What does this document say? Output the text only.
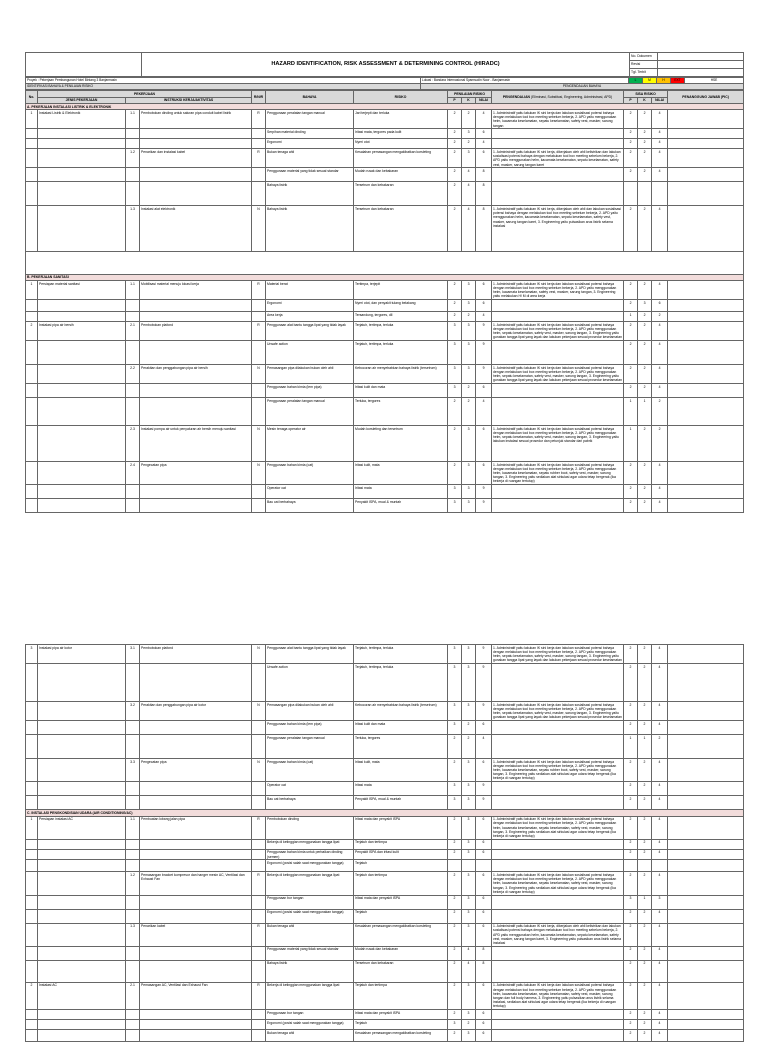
	HAZARD IDENTIFICATION, RISK ASSESSMENT & DETERMINING CONTROL (HIRADC)	No. Dokumen	
		Revisi	
		Tgl. Terbit	
Proyek : Pekerjaan Pembangunan Hotel Bintang 3 Banjarmasin	Lokasi : Bandara Internasional Syamsudin Noor - Banjarmasin	L	M	H	EXT	HSE
IDENTIFIKASI BAHAYA & PENILAIAN RISIKO	PENGENDALIAN BAHAYA					
No.	PEKERJAAN			R/N/R	BAHAYA	RISIKO	PENILAIAN RISIKO			PENGENDALIAN (Eliminasi, Substitusi, Engineering, Administrasi, APD)	SISA RISIKO			PENANGGUNG JAWAB (PIC)
	JENIS PEKERJAAN	INSTRUKSI KERJA/AKTIVITAS					P	K	NILAI		P	K	NILAI	
A. PEKERJAAN INSTALASI LISTRIK & ELEKTRONIK														
1	Instalasi Listrik & Elektronik	1.1	Pembobokan dinding untuk saluran pipa conduit kabel listrik	R	Penggunaan peralatan tangan manual	Jari terjepit dan terluka	2	2	4	1. Administratif yaitu lakukan IK sini kerja dan lakukan sosialisasi potensi bahaya dengan melakukan tool box meeting sebelum bekerja, 2. APD yaitu menggunakan helm, kacamata keselamatan, sepatu keselamatan, safety vest, masker, sarung tangan	2	2	4	
					Serpihan material dinding	Iritasi mata, tergores pada kulit	2	3	6		2	2	4	
					Ergonomi	Nyeri otot	2	2	4		2	2	4	
		1.2	Penarikan dan instalasi kabel	R	Bukan tenaga ahli	Kesalahan pemasangan mengakibatkan korsleting	2	3	6	1. Administratif yaitu lakukan IK sini kerja, dikerjakan oleh ahli kelistrikan dan lakukan sosialisasi potensi bahaya dengan melakukan tool box meeting sebelum bekerja, 2. APD yaitu menggunakan helm, kacamata keselamatan, sepatu keselamatan, safety vest, masker, sarung tangan karet	2	2	4	
					Penggunaan material yang tidak sesuai standar	Mudah rusak dan kebakaran	2	4	8		2	2	4	
					Bahaya listrik	Tersetrum dan kebakaran	2	4	8					
		1.3	Instalasi alat elektronik	N	Bahaya listrik	Tersetrum dan kebakaran	2	4	8	1. Administratif yaitu lakukan IK sini kerja, dikerjakan oleh ahli dan lakukan sosialisasi potensi bahaya dengan melakukan tool box meeting sebelum bekerja, 2. APD yaitu menggunakan helm, kacamata keselamatan, sepatu keselamatan, safety vest, masker, sarung tangan karet, 3. Engineering yaitu pulsasikan arus listrik selama instalasi	2	2	4	

B. PEKERJAAN SANITASI														
1	Persiapan material sanitasi	1.1	Mobilisasi material menuju lokasi kerja	R	Material berat	Tertimpa, terjepit	2	3	6	1. Administratif yaitu lakukan IK sini kerja dan lakukan sosialisasi potensi bahaya dengan melakukan tool box meeting sebelum bekerja, 2. APD yaitu menggunakan helm, kacamata keselamatan, safety vest, masker, sarung tangan, 3. Engineering yaitu melakukan H/ M di area kerja	2	2	4	
					Ergonomi	Nyeri otot, dan penyakit tulang belakang	2	3	6		2	3	6	
					Area kerja	Tersandung, tergores, dll	2	2	4		1	2	2	
2	Instalasi pipa air bersih	2.1	Pembobokan plafond	R	Penggunaan alat bantu tangga lipat yang tidak layak	Terjatuh, tertimpa, terluka	3	3	9	1. Administratif yaitu lakukan IK sini kerja dan lakukan sosialisasi potensi bahaya dengan melakukan tool box meeting sebelum bekerja, 2. APD yaitu menggunakan helm, sepatu keselamatan, safety vest, masker, sarung tangan, 3. Engineering yaitu gunakan tangga lipat yang layak dan lakukan pekerjaan sesuai prosedur keselamatan	2	2	4	
					Unsafe action	Terjatuh, tertimpa, terluka	3	3	9		2	2	4	
		2.2	Perakitan dan penggabungan pipa air bersih	N	Pemasangan pipa dilakukan bukan oleh ahli	Kebocoran air menyebabkan bahaya listrik (tersetrum)	3	3	9	1. Administratif yaitu lakukan IK sini kerja dan lakukan sosialisasi potensi bahaya dengan melakukan tool box meeting sebelum bekerja, 2. APD yaitu menggunakan helm, sepatu keselamatan, safety vest, masker, sarung tangan, 3. Engineering yaitu gunakan tangga lipat yang layak dan lakukan pekerjaan sesuai prosedur keselamatan	2	2	4	
					Penggunaan bahan kimia (lem pipa)	Iritasi kulit dan mata	3	2	6		2	2	4	
					Penggunaan peralatan tangan manual	Terluka, tergores	2	2	4		1	1	2	
		2.3	Instalasi pompa air untuk penyaluran air bersih menuju sanitasi	N	Mesin tenaga operator air	Mudah korsleting dan tersetrum	2	3	6	1. Administratif yaitu lakukan IK sini kerja dan lakukan sosialisasi potensi bahaya dengan melakukan tool box meeting sebelum bekerja, 2. APD yaitu menggunakan helm, sepatu keselamatan, safety vest, masker, sarung tangan, 3. Engineering yaitu lakukan instalasi sesuai prosedur dan petunjuk standar dari pabrik	1	2	2	
		2.4	Pengecatan pipa	N	Penggunaan bahan kimia (cat)	Iritasi kulit, mata	2	3	6	1. Administratif yaitu lakukan IK sini kerja dan lakukan sosialisasi potensi bahaya dengan melakukan tool box meeting sebelum bekerja, 2. APD yaitu menggunakan helm, kacamata keselamatan, sepatu rubber boot, safety vest, masker, sarung tangan, 3. Engineering yaitu sediakan alat sirkulasi agar udara tetap bergerak (ika bekerja di ruangan tertutup)	2	2	4	
					Operator cat	Iritasi mata	3	3	9		2	2	4	
					Bau cat berbahaya	Penyakit ISPA, mual & muntah	3	3	9		2	2	4	
3	Instalasi pipa air kotor	3.1	Pembobokan plafond	N	Penggunaan alat bantu tangga lipat yang tidak layak	Terjatuh, tertimpa, terluka	3	3	9	1. Administratif yaitu lakukan IK sini kerja dan lakukan sosialisasi potensi bahaya dengan melakukan tool box meeting sebelum bekerja, 2. APD yaitu menggunakan helm, sepatu keselamatan, safety vest, masker, sarung tangan, 3. Engineering yaitu gunakan tangga lipat yang layak dan lakukan pekerjaan sesuai prosedur keselamatan	2	2	4	
					Unsafe action	Terjatuh, tertimpa, terluka	3	3	9		2	2	4	
		3.2	Perakitan dan penggabungan pipa air kotor	N	Pemasangan pipa dilakukan bukan oleh ahli	Kebocoran air menyebabkan bahaya listrik (tersetrum)	3	3	9	1. Administratif yaitu lakukan IK sini kerja dan lakukan sosialisasi potensi bahaya dengan melakukan tool box meeting sebelum bekerja, 2. APD yaitu menggunakan helm, sepatu keselamatan, safety vest, masker, sarung tangan, 3. Engineering yaitu gunakan tangga lipat yang layak dan lakukan pekerjaan sesuai prosedur keselamatan	2	2	4	
					Penggunaan bahan kimia (lem pipa)	Iritasi kulit dan mata	3	2	6		2	2	4	
					Penggunaan peralatan tangan manual	Terluka, tergores	2	2	4		1	1	2	
		3.3	Pengecatan pipa	N	Penggunaan bahan kimia (cat)	Iritasi kulit, mata	2	3	6	1. Administratif yaitu lakukan IK sini kerja dan lakukan sosialisasi potensi bahaya dengan melakukan tool box meeting sebelum bekerja, 2. APD yaitu menggunakan helm, kacamata keselamatan, sepatu rubber boot, safety vest, masker, sarung tangan, 3. Engineering yaitu sediakan alat sirkulasi agar udara tetap bergerak (ika bekerja di ruangan tertutup)	2	2	4	
					Operator cat	Iritasi mata	3	3	9		2	2	4	
					Bau cat berbahaya	Penyakit ISPA, mual & muntah	3	3	9		2	2	4	
C. INSTALASI PENGKONDISIAN UDARA (AIR CONDITIONING/AC)														
1	Persiapan instalasi AC	1.1	Pembuatan lobang jalan pipa	R	Pembobokan dinding	Iritasi mata dan penyakit ISPA	2	3	6	1. Administratif yaitu lakukan IK sini kerja dan lakukan sosialisasi potensi bahaya dengan melakukan tool box meeting sebelum bekerja, 2. APD yaitu menggunakan helm, kacamata keselamatan, sepatu keselamatan, safety vest, masker, sarung tangan, 3. Engineering yaitu sediakan alat sirkulasi agar udara tetap bergerak (ika bekerja di ruangan tertutup)	2	2	4	
					Bekerja di ketinggian menggunakan tangga lipat	Terjatuh dan tertimpa	2	3	6		2	2	4	
					Penggunaan bahan kimia untuk perbaikan dinding (semen)	Penyakit ISPA dan iritasi kulit	2	3	6		2	2	4	
					Ergonomi (posisi salah saat menggunakan tangga)	Terjatuh								
		1.2	Pemasangan bracket kompresor dan hanger mesin AC, Ventilasi dan Exhaust Fan	R	Bekerja di ketinggian menggunakan tangga lipat	Terjatuh dan tertimpa	2	3	6	1. Administratif yaitu lakukan IK sini kerja dan lakukan sosialisasi potensi bahaya dengan melakukan tool box meeting sebelum bekerja, 2. APD yaitu menggunakan helm, kacamata keselamatan, sepatu keselamatan, safety vest, masker, sarung tangan, 3. Engineering yaitu sediakan alat sirkulasi agar udara tetap bergerak (ika bekerja di ruangan tertutup)	2	2	4	
					Penggunaan bor tangan	Iritasi mata dan penyakit ISPA	2	3	6		3	1	3	
					Ergonomi (posisi salah saat menggunakan tangga)	Terjatuh	2	3	6		2	2	4	
		1.3	Penarikan kabel	R	Bukan tenaga ahli	Kesalahan pemasangan mengakibatkan korsleting	2	3	6	1. Administratif yaitu lakukan IK sini kerja, dikerjakan oleh ahli kelistrikan dan lakukan sosialisasi potensi bahaya dengan melakukan tool box meeting sebelum bekerja, 2. APD yaitu menggunakan helm, kacamata keselamatan, sepatu keselamatan, safety vest, masker, sarung tangan karet, 3. Engineering yaitu pulsasikan arus listrik selama instalasi	2	2	4	
					Penggunaan material yang tidak sesuai standar	Mudah rusak dan kebakaran	2	4	8		2	2	4	
					Bahaya listrik	Tersetrum dan kebakaran	2	4	8		2	2	4	
2	Instalasi AC	2.1	Pemasangan AC, Ventilasi dan Exhaust Fan	R	Bekerja di ketinggian menggunakan tangga lipat	Terjatuh dan tertimpa	2	3	6	1. Administratif yaitu lakukan IK sini kerja dan lakukan sosialisasi potensi bahaya dengan melakukan tool box meeting sebelum bekerja, 2. APD yaitu menggunakan helm, kacamata keselamatan, sepatu keselamatan, safety vest, masker, sarung tangan dan full body harness, 3. Engineering yaitu pulsasikan arus listrik selama instalasi, sediakan alat sirkulasi agar udara tetap bergerak (ika bekerja di ruangan tertutup)	2	2	4	
					Penggunaan bor tangan	Iritasi mata dan penyakit ISPA	2	3	6		2	2	4	
					Ergonomi (posisi salah saat menggunakan tangga)	Terjatuh	3	2	6		2	2	4	
					Bukan tenaga ahli	Kesalahan pemasangan mengakibatkan korsleting	2	3	6		2	2	4	
